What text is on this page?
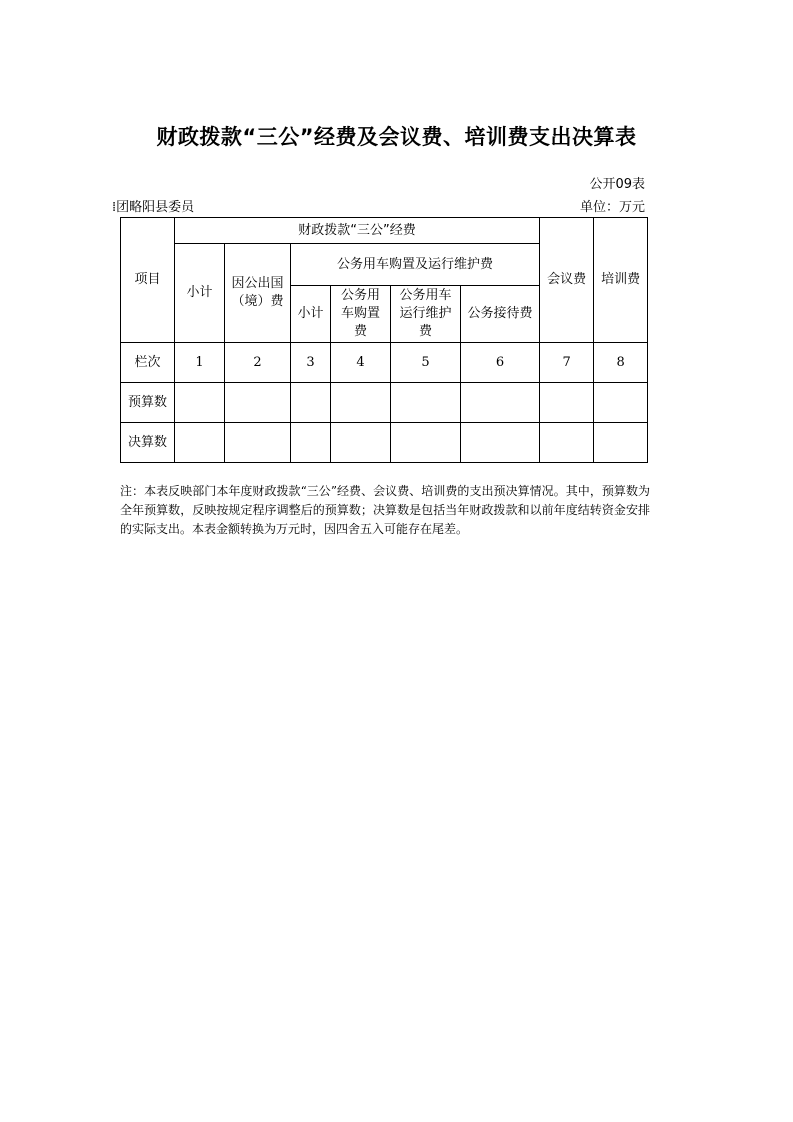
财政拨款“三公”经费及会议费、培训费支出决算表
公开09表
⁞团略阳县委员	单位：万元
项目	财政拨款“三公”经费						会议费	培训费
	小计	因公出国（境）费	公务用车购置及运行维护费					
			小计	公务用车购置费	公务用车运行维护费	公务接待费		
栏次	1	2	3	4	5	6	7	8
预算数								
决算数								
注：本表反映部门本年度财政拨款“三公”经费、会议费、培训费的支出预决算情况。其中，预算数为全年预算数，反映按规定程序调整后的预算数；决算数是包括当年财政拨款和以前年度结转资金安排的实际支出。本表金额转换为万元时，因四舍五入可能存在尾差。
